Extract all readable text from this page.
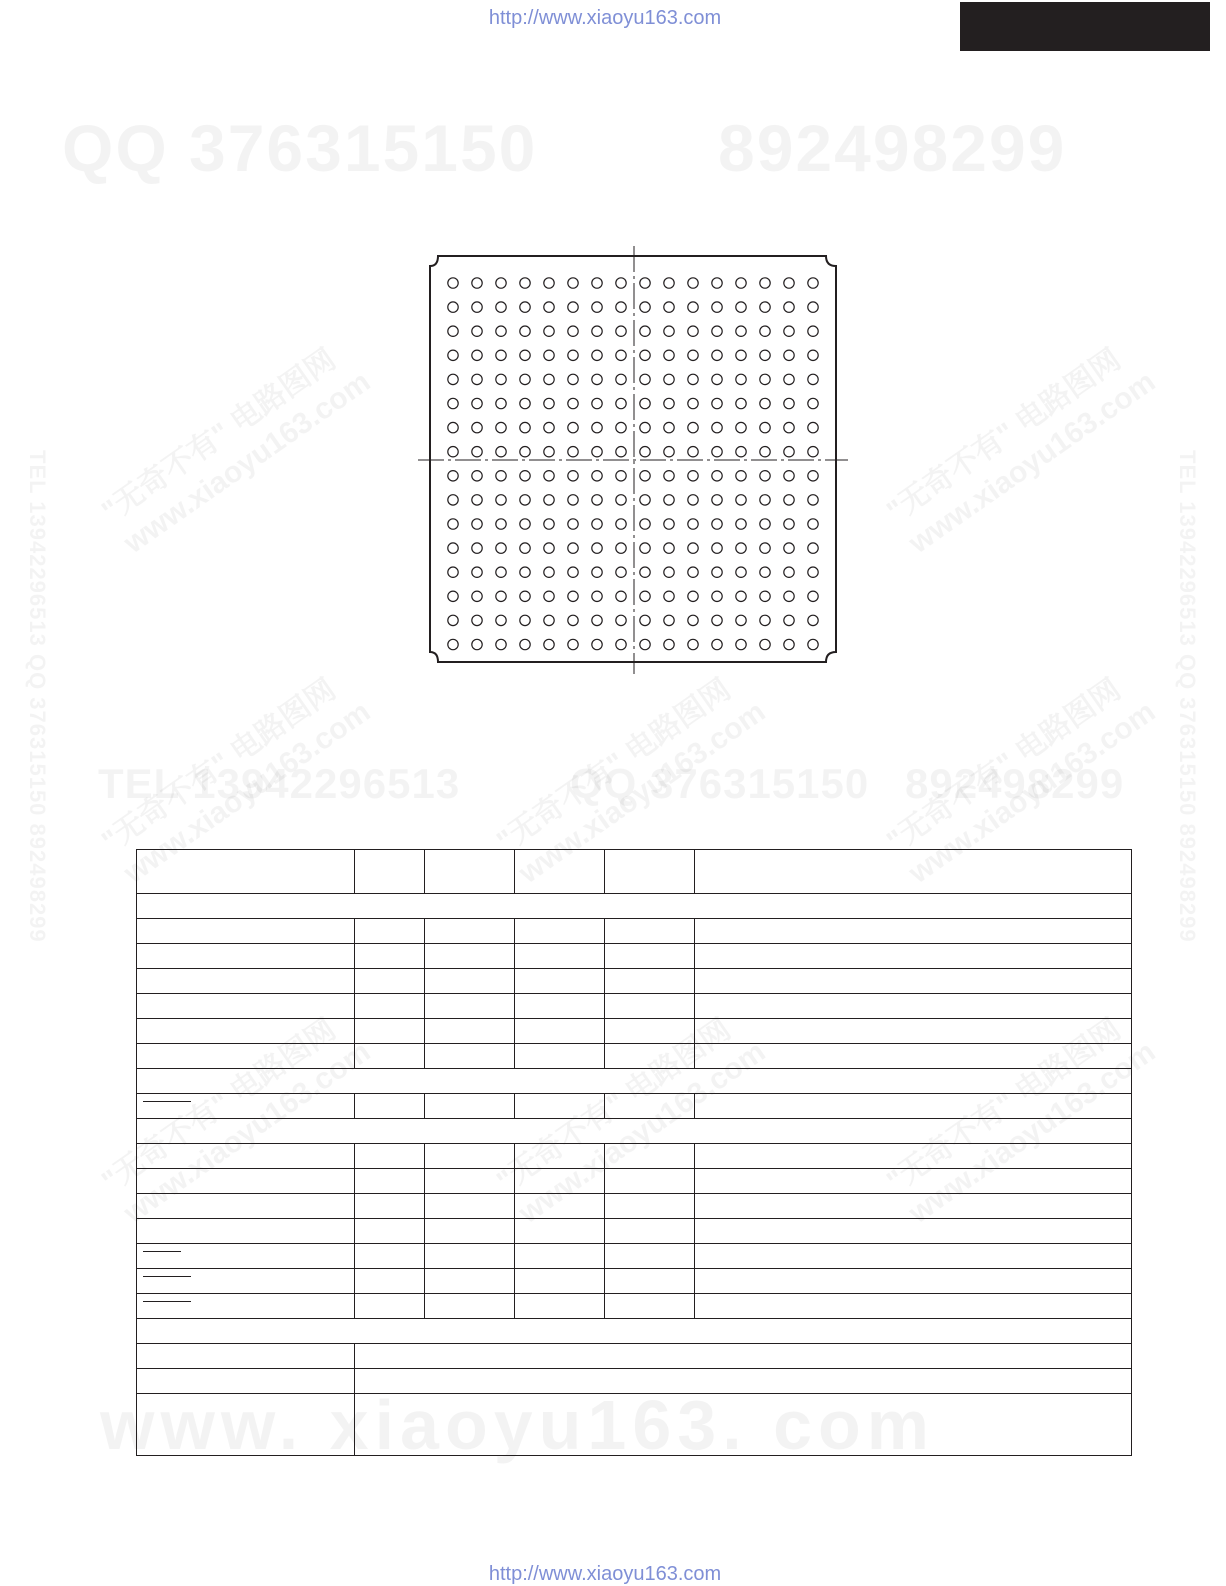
http://www.xiaoyu163.com

http://www.xiaoyu163.com
